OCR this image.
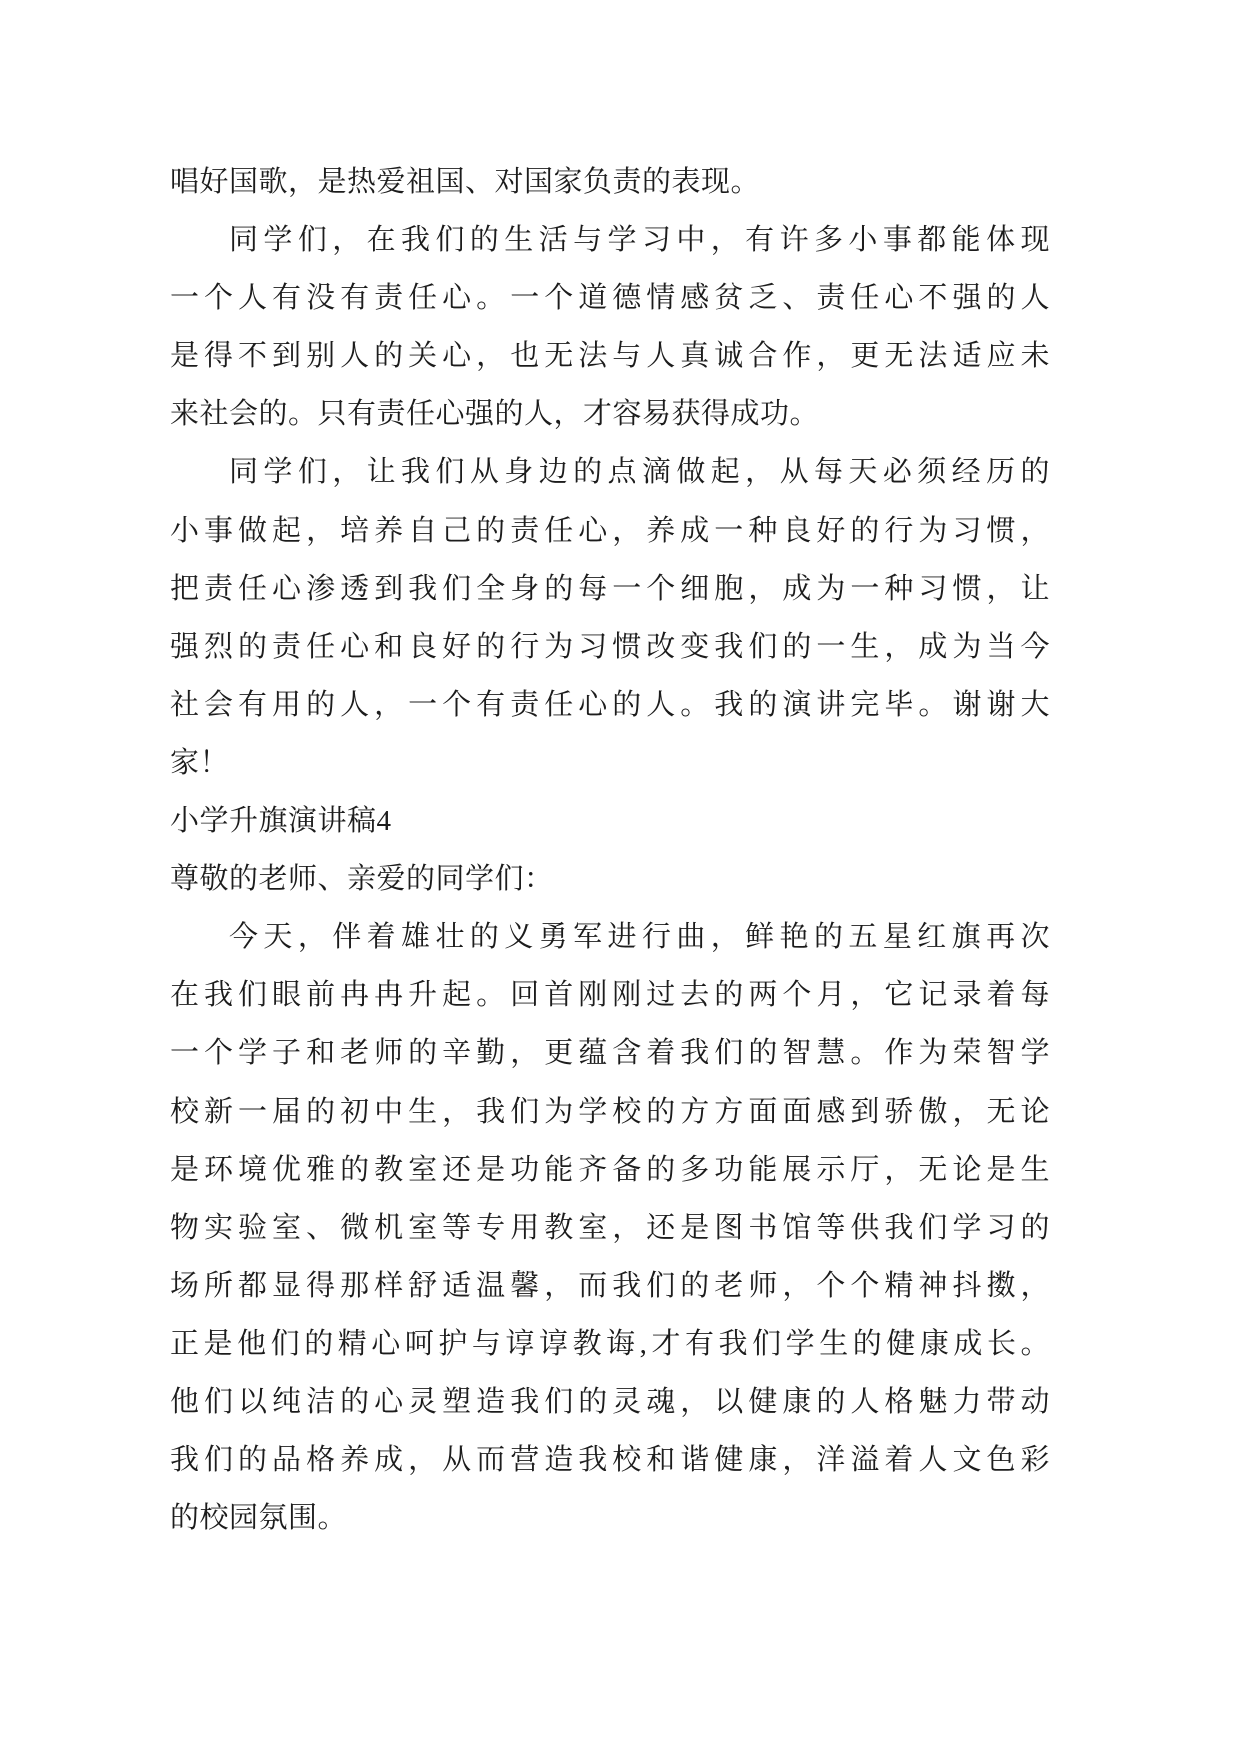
唱好国歌，是热爱祖国、对国家负责的表现。
同学们，在我们的生活与学习中，有许多小事都能体现
一个人有没有责任心。一个道德情感贫乏、责任心不强的人
是得不到别人的关心，也无法与人真诚合作，更无法适应未
来社会的。只有责任心强的人，才容易获得成功。
同学们，让我们从身边的点滴做起，从每天必须经历的
小事做起，培养自己的责任心，养成一种良好的行为习惯，
把责任心渗透到我们全身的每一个细胞，成为一种习惯，让
强烈的责任心和良好的行为习惯改变我们的一生，成为当今
社会有用的人，一个有责任心的人。我的演讲完毕。谢谢大
家！
小学升旗演讲稿4
尊敬的老师、亲爱的同学们：
今天，伴着雄壮的义勇军进行曲，鲜艳的五星红旗再次
在我们眼前冉冉升起。回首刚刚过去的两个月，它记录着每
一个学子和老师的辛勤，更蕴含着我们的智慧。作为荣智学
校新一届的初中生，我们为学校的方方面面感到骄傲，无论
是环境优雅的教室还是功能齐备的多功能展示厅，无论是生
物实验室、微机室等专用教室，还是图书馆等供我们学习的
场所都显得那样舒适温馨，而我们的老师，个个精神抖擞，
正是他们的精心呵护与谆谆教诲,才有我们学生的健康成长。
他们以纯洁的心灵塑造我们的灵魂，以健康的人格魅力带动
我们的品格养成，从而营造我校和谐健康，洋溢着人文色彩
的校园氛围。
